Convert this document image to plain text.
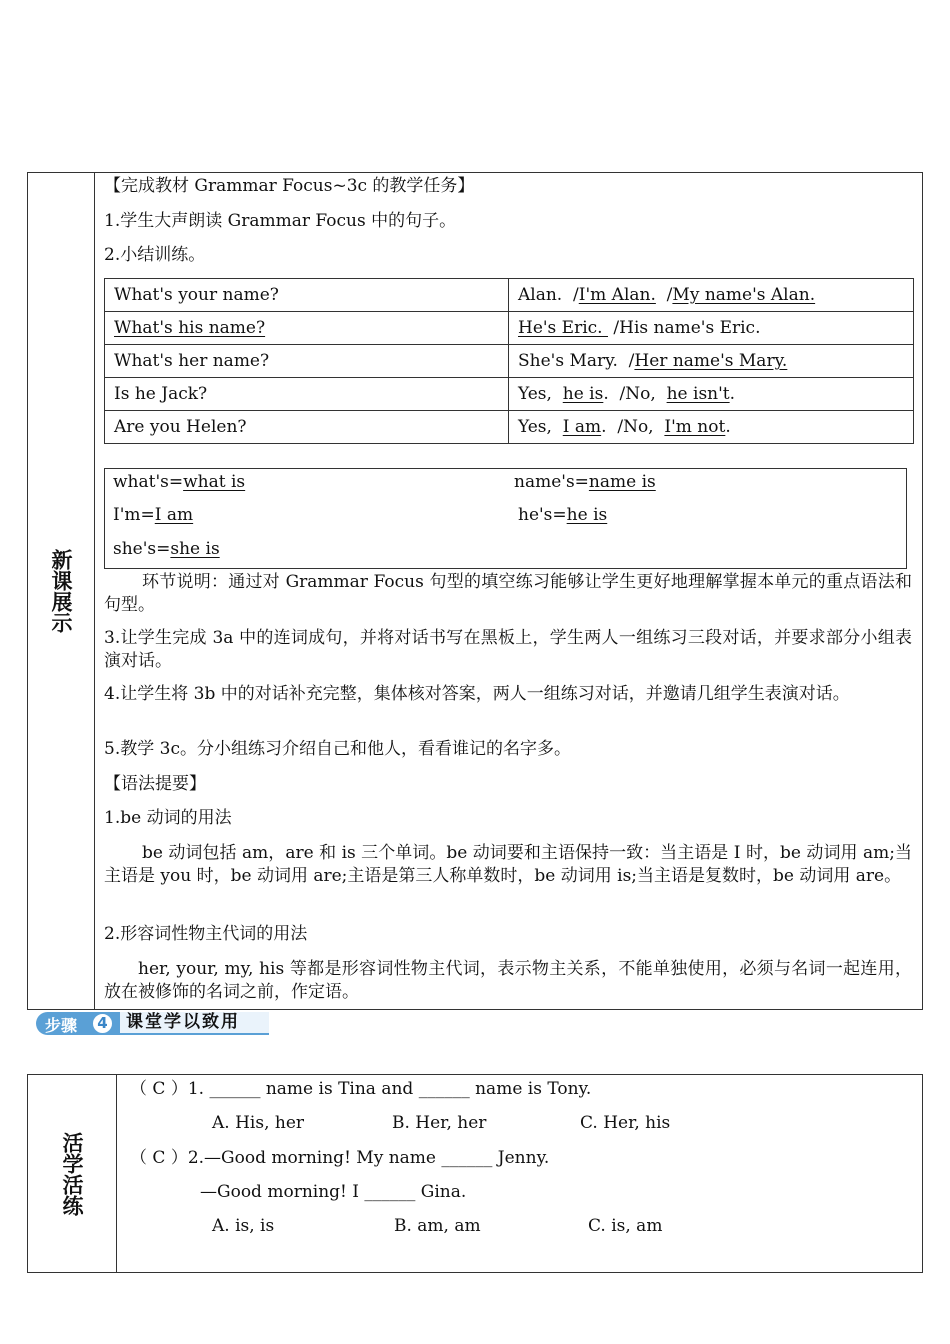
新课展示
【完成教材 Grammar Focus~3c 的教学任务】
1.学生大声朗读 Grammar Focus 中的句子。
2.小结训练。
What's your name?	Alan.  /I'm Alan.  /My name's Alan.
What's his name?	He's Eric.  /His name's Eric.
What's her name?	She's Mary.  /Her name's Mary.
Is he Jack?	Yes,  he is.  /No,  he isn't.
Are you Helen?	Yes,  I am.  /No,  I'm not.
what's=what is	name's=name is
I'm=I am	he's=he is
she's=she is
环节说明：通过对 Grammar Focus 句型的填空练习能够让学生更好地理解掌握本单元的重点语法和句型。
3.让学生完成 3a 中的连词成句，并将对话书写在黑板上，学生两人一组练习三段对话，并要求部分小组表演对话。
4.让学生将 3b 中的对话补充完整，集体核对答案，两人一组练习对话，并邀请几组学生表演对话。
5.教学 3c。分小组练习介绍自己和他人，看看谁记的名字多。
【语法提要】
1.be 动词的用法
be 动词包括 am，are 和 is 三个单词。be 动词要和主语保持一致：当主语是 I 时，be 动词用 am;当主语是 you 时，be 动词用 are;主语是第三人称单数时，be 动词用 is;当主语是复数时，be 动词用 are。
2.形容词性物主代词的用法
her, your, my, his 等都是形容词性物主代词，表示物主关系，不能单独使用，必须与名词一起连用，放在被修饰的名词之前，作定语。
步骤	4	课堂学以致用
活学活练
（ C ）1. ______ name is Tina and ______ name is Tony.
A. His, her	B. Her, her	C. Her, his
（ C ）2.—Good morning! My name ______ Jenny.
—Good morning! I ______ Gina.
A. is, is	B. am, am	C. is, am
